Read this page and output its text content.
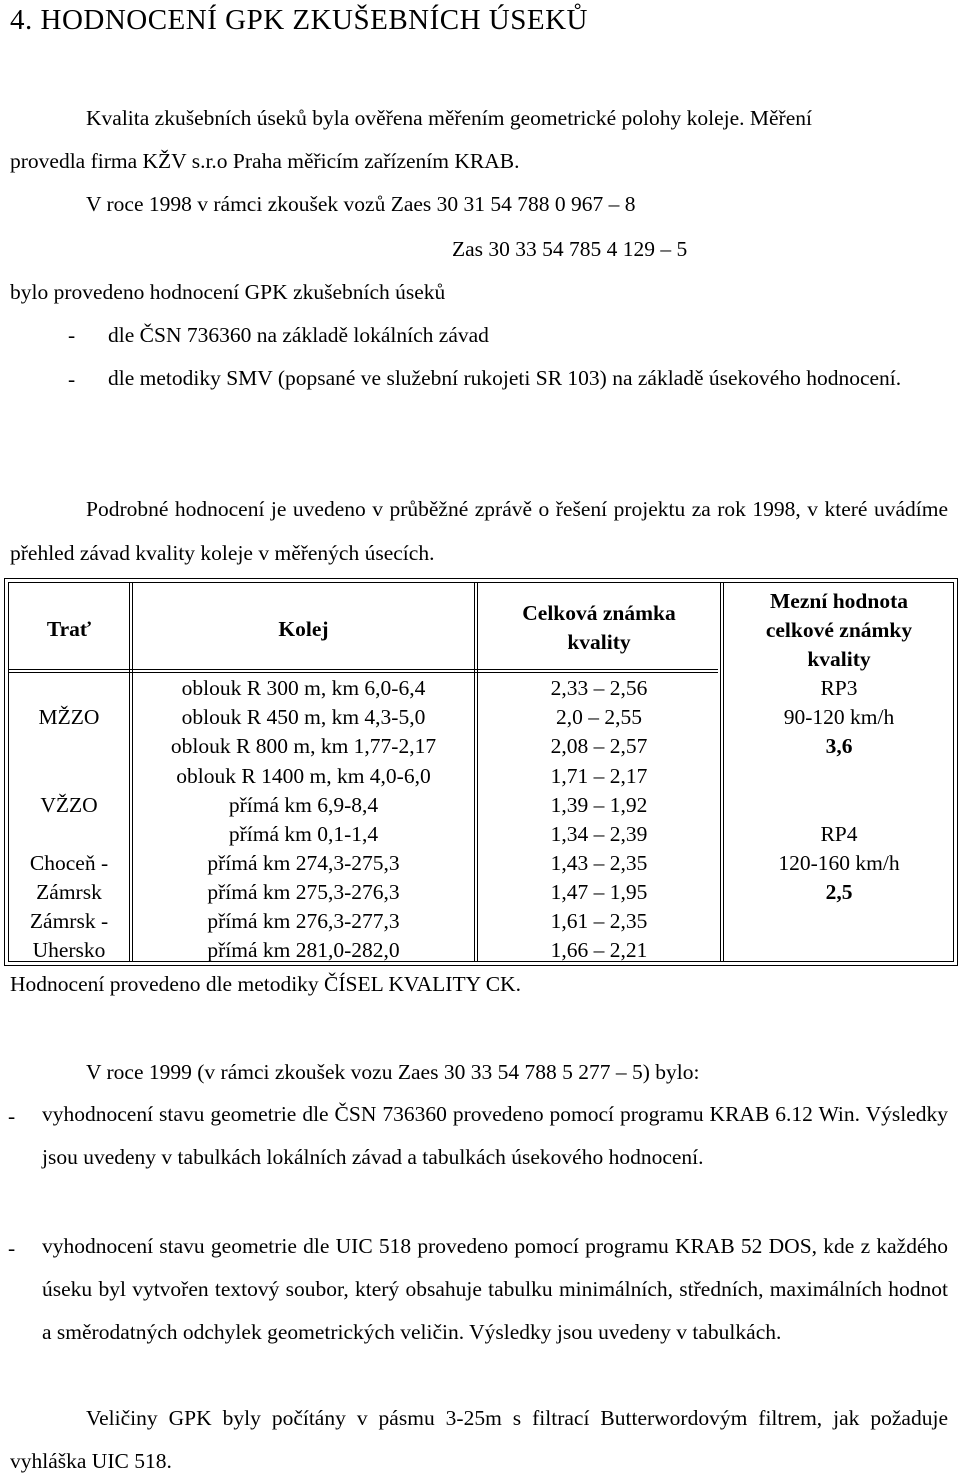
4. HODNOCENÍ GPK ZKUŠEBNÍCH ÚSEKŮ
Kvalita zkušebních úseků byla ověřena měřením geometrické polohy koleje. Měření
provedla firma KŽV s.r.o Praha měřicím zařízením KRAB.
V roce 1998 v rámci zkoušek vozů Zaes 30 31 54 788 0 967 – 8
Zas 30 33 54 785 4 129 – 5
bylo provedeno hodnocení GPK zkušebních úseků
- dle ČSN 736360 na základě lokálních závad
- dle metodiky SMV (popsané ve služební rukojeti SR 103) na základě úsekového hodnocení.
Podrobné hodnocení je uvedeno v průběžné zprávě o řešení projektu za rok 1998, v které uvádíme přehled závad kvality koleje v měřených úsecích.
Trať	Kolej
Celková známka
kvality
Mezní hodnota
celkové známky
kvality
MŽZO
VŽZO
Choceň -
Zámrsk
Zámrsk -
Uhersko
oblouk R 300 m, km 6,0-6,4
oblouk R 450 m, km 4,3-5,0
oblouk R 800 m, km 1,77-2,17
oblouk R 1400 m, km 4,0-6,0
přímá km 6,9-8,4
přímá km 0,1-1,4
přímá km 274,3-275,3
přímá km 275,3-276,3
přímá km 276,3-277,3
přímá km 281,0-282,0
2,33 – 2,56
2,0 – 2,55
2,08 – 2,57
1,71 – 2,17
1,39 – 1,92
1,34 – 2,39
1,43 – 2,35
1,47 – 1,95
1,61 – 2,35
1,66 – 2,21
RP3
90-120 km/h
3,6
RP4
120-160 km/h
2,5
Hodnocení provedeno dle metodiky ČÍSEL KVALITY CK.
V roce 1999 (v rámci zkoušek vozu Zaes 30 33 54 788 5 277 – 5) bylo:
- vyhodnocení stavu geometrie dle ČSN 736360 provedeno pomocí programu KRAB 6.12 Win. Výsledky jsou uvedeny v tabulkách lokálních závad a tabulkách úsekového hodnocení.
- vyhodnocení stavu geometrie dle UIC 518 provedeno pomocí programu KRAB 52 DOS, kde z každého úseku byl vytvořen textový soubor, který obsahuje tabulku minimálních, středních, maximálních hodnot a směrodatných odchylek geometrických veličin. Výsledky jsou uvedeny v tabulkách.
Veličiny GPK byly počítány v pásmu 3-25m s filtrací Butterwordovým filtrem, jak požaduje vyhláška UIC 518.
